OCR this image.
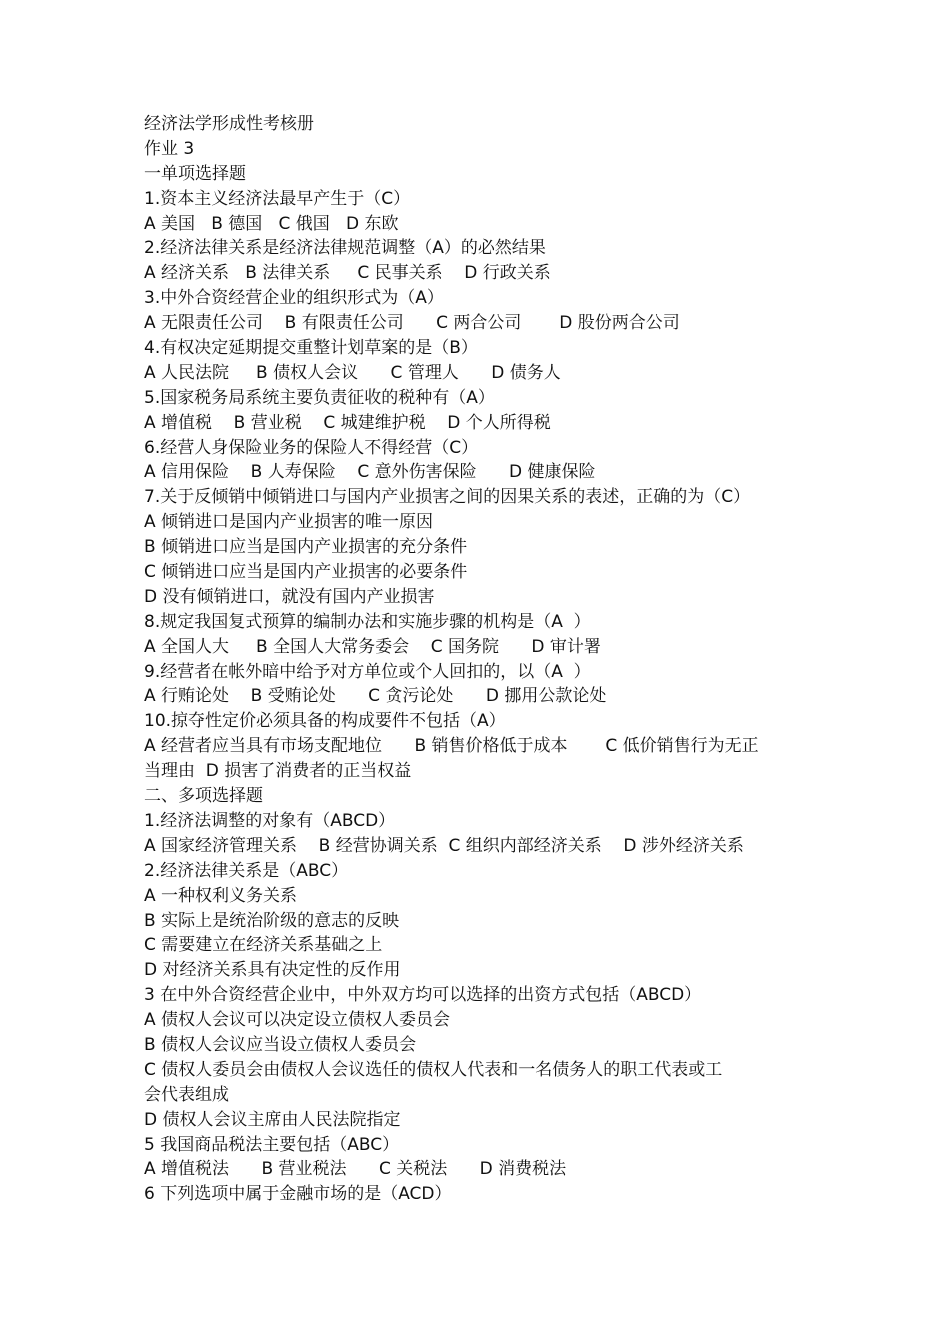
经济法学形成性考核册
作业 3
一单项选择题
1.资本主义经济法最早产生于（C）
A 美国   B 德国   C 俄国   D 东欧
2.经济法律关系是经济法律规范调整（A）的必然结果
A 经济关系   B 法律关系     C 民事关系    D 行政关系
3.中外合资经营企业的组织形式为（A）
A 无限责任公司    B 有限责任公司      C 两合公司       D 股份两合公司
4.有权决定延期提交重整计划草案的是（B）
A 人民法院     B 债权人会议      C 管理人      D 债务人
5.国家税务局系统主要负责征收的税种有（A）
A 增值税    B 营业税    C 城建维护税    D 个人所得税
6.经营人身保险业务的保险人不得经营（C）
A 信用保险    B 人寿保险    C 意外伤害保险      D 健康保险
7.关于反倾销中倾销进口与国内产业损害之间的因果关系的表述，正确的为（C）
A 倾销进口是国内产业损害的唯一原因
B 倾销进口应当是国内产业损害的充分条件
C 倾销进口应当是国内产业损害的必要条件
D 没有倾销进口，就没有国内产业损害
8.规定我国复式预算的编制办法和实施步骤的机构是（A  ）
A 全国人大     B 全国人大常务委会    C 国务院      D 审计署
9.经营者在帐外暗中给予对方单位或个人回扣的，以（A  ）
A 行贿论处    B 受贿论处      C 贪污论处      D 挪用公款论处
10.掠夺性定价必须具备的构成要件不包括（A）
A 经营者应当具有市场支配地位      B 销售价格低于成本       C 低价销售行为无正
当理由  D 损害了消费者的正当权益
二、多项选择题
1.经济法调整的对象有（ABCD）
A 国家经济管理关系    B 经营协调关系  C 组织内部经济关系    D 涉外经济关系
2.经济法律关系是（ABC）
A 一种权利义务关系
B 实际上是统治阶级的意志的反映
C 需要建立在经济关系基础之上
D 对经济关系具有决定性的反作用
3 在中外合资经营企业中，中外双方均可以选择的出资方式包括（ABCD）
A 债权人会议可以决定设立债权人委员会
B 债权人会议应当设立债权人委员会
C 债权人委员会由债权人会议选任的债权人代表和一名债务人的职工代表或工
会代表组成
D 债权人会议主席由人民法院指定
5 我国商品税法主要包括（ABC）
A 增值税法      B 营业税法      C 关税法      D 消费税法
6 下列选项中属于金融市场的是（ACD）
